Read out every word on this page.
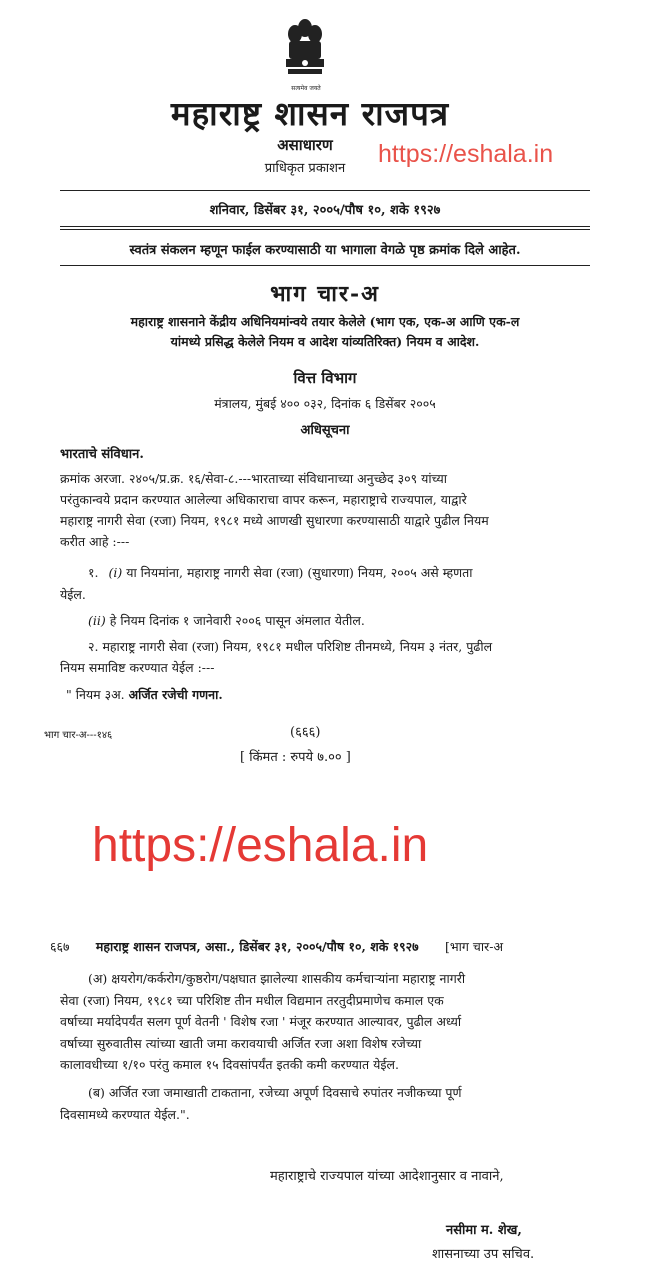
सत्यमेव जयते
महाराष्ट्र शासन राजपत्र
असाधारण
प्राधिकृत प्रकाशन
https://eshala.in
शनिवार, डिसेंबर ३१, २००५/पौष १०, शके १९२७
स्वतंत्र संकलन म्हणून फाईल करण्यासाठी या भागाला वेगळे पृष्ठ क्रमांक दिले आहेत.
भाग चार-अ
महाराष्ट्र शासनाने केंद्रीय अधिनियमांन्वये तयार केलेले (भाग एक, एक-अ आणि एक-ल
यांमध्ये प्रसिद्ध केलेले नियम व आदेश यांव्यतिरिक्त) नियम व आदेश.
वित्त विभाग
मंत्रालय, मुंबई ४०० ०३२, दिनांक ६ डिसेंबर २००५
अधिसूचना
भारताचे संविधान.
क्रमांक अरजा. २४०५/प्र.क्र. १६/सेवा-८.---भारताच्या संविधानाच्या अनुच्छेद ३०९ यांच्या
परंतुकान्वये प्रदान करण्यात आलेल्या अधिकाराचा वापर करून, महाराष्ट्राचे राज्यपाल, याद्वारे
महाराष्ट्र नागरी सेवा (रजा) नियम, १९८१ मध्ये आणखी सुधारणा करण्यासाठी याद्वारे पुढील नियम
करीत आहे :---
१. (i) या नियमांना, महाराष्ट्र नागरी सेवा (रजा) (सुधारणा) नियम, २००५ असे म्हणता
येईल.
(ii) हे नियम दिनांक १ जानेवारी २००६ पासून अंमलात येतील.
२. महाराष्ट्र नागरी सेवा (रजा) नियम, १९८१ मधील परिशिष्ट तीनमध्ये, नियम ३ नंतर, पुढील
नियम समाविष्ट करण्यात येईल :---
" नियम ३अ. अर्जित रजेची गणना.
भाग चार-अ---१४६	(६६६)
[ किंमत : रुपये ७.०० ]
https://eshala.in
६६७ महाराष्ट्र शासन राजपत्र, असा., डिसेंबर ३१, २००५/पौष १०, शके १९२७ [भाग चार-अ
(अ) क्षयरोग/कर्करोग/कुष्ठरोग/पक्षघात झालेल्या शासकीय कर्मचाऱ्यांना महाराष्ट्र नागरी
सेवा (रजा) नियम, १९८१ च्या परिशिष्ट तीन मधील विद्यमान तरतुदीप्रमाणेच कमाल एक
वर्षाच्या मर्यादेपर्यंत सलग पूर्ण वेतनी ' विशेष रजा ' मंजूर करण्यात आल्यावर, पुढील अर्ध्या
वर्षाच्या सुरुवातीस त्यांच्या खाती जमा करावयाची अर्जित रजा अशा विशेष रजेच्या
कालावधीच्या १/१० परंतु कमाल १५ दिवसांपर्यंत इतकी कमी करण्यात येईल.
(ब) अर्जित रजा जमाखाती टाकताना, रजेच्या अपूर्ण दिवसाचे रुपांतर नजीकच्या पूर्ण
दिवसामध्ये करण्यात येईल.".
महाराष्ट्राचे राज्यपाल यांच्या आदेशानुसार व नावाने,
नसीमा म. शेख,
शासनाच्या उप सचिव.
